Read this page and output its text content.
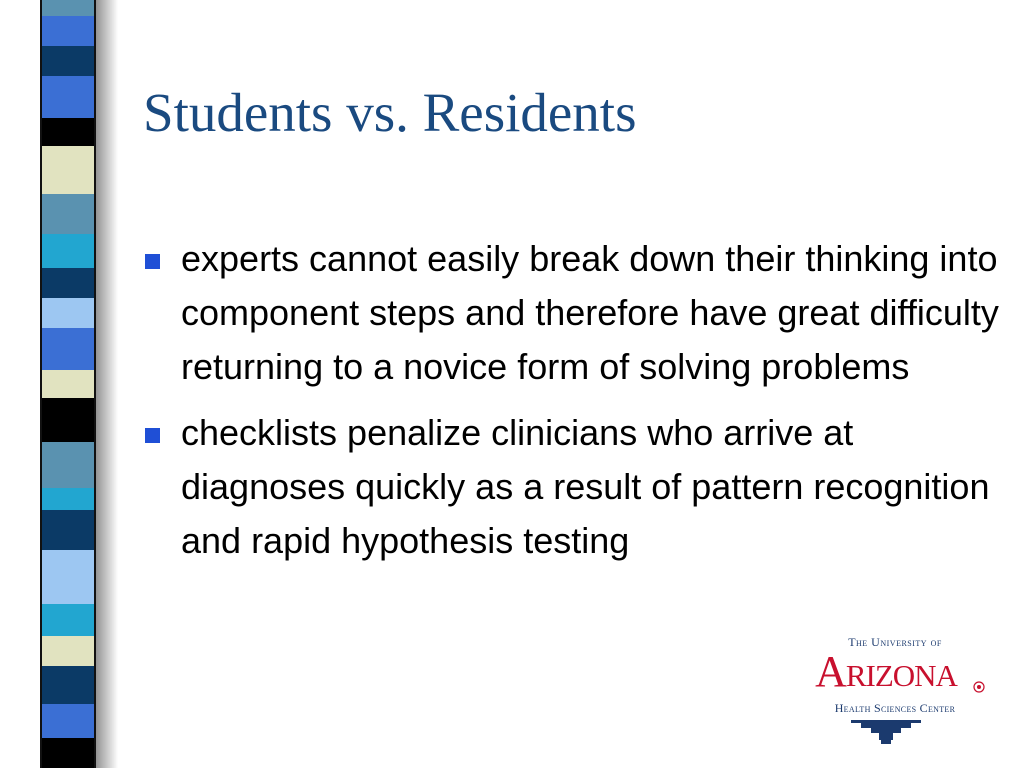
Students vs. Residents
experts cannot easily break down their thinking into component steps and therefore have great difficulty returning to a novice form of solving problems
checklists penalize clinicians who arrive at diagnoses quickly as a result of pattern recognition and rapid hypothesis testing
The University of
Arizona
Health Sciences Center
